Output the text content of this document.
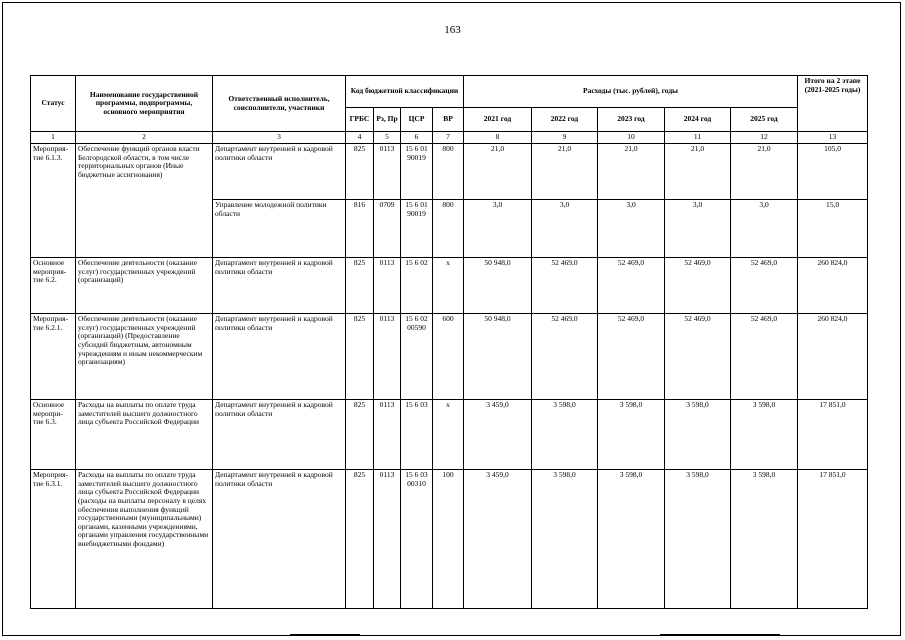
163
Статус	Наименование государственной программы, подпрограммы, основного мероприятия	Ответственный исполнитель, соисполнители, участники	Код бюджетной классификации				Расходы (тыс. рублей), годы					Итого на 2 этапе (2021-2025 годы)
			ГРБС	Рз, Пр	ЦСР	ВР	2021 год	2022 год	2023 год	2024 год	2025 год	
1	2	3	4	5	6	7	8	9	10	11	12	13
Мероприя-тие 6.1.3.	Обеспечение функций органов власти Белгородской области, в том числе территориальных органов (Иные бюджетные ассигнования)	Департамент внутренней и кадровой политики области	825	0113	15 6 01 90019	800	21,0	21,0	21,0	21,0	21,0	105,0
		Управление молодежной политики области	816	0709	15 6 01 90019	800	3,0	3,0	3,0	3,0	3,0	15,0
Основное мероприя-тие 6.2.	Обеспечение деятельности (оказание услуг) государственных учреждений (организаций)	Департамент внутренней и кадровой политики области	825	0113	15 6 02	х	50 948,0	52 469,0	52 469,0	52 469,0	52 469,0	260 824,0
Мероприя-тие 6.2.1.	Обеспечение деятельности (оказание услуг) государственных учреждений (организаций) (Предоставление субсидий бюджетным, автономным учреждениям и иным некоммерческим организациям)	Департамент внутренней и кадровой политики области	825	0113	15 6 02 00590	600	50 948,0	52 469,0	52 469,0	52 469,0	52 469,0	260 824,0
Основное меропри-тие 6.3.	Расходы на выплаты по оплате труда заместителей высшего должностного лица субъекта Российской Федерации	Департамент внутренней и кадровой политики области	825	0113	15 6 03	х	3 459,0	3 598,0	3 598,0	3 598,0	3 598,0	17 851,0
Мероприя-тие 6.3.1.	Расходы на выплаты по оплате труда заместителей высшего должностного лица субъекта Российской Федерации (расходы на выплаты персоналу в целях обеспечения выполнения функций государственными (муниципальными) органами, казенными учреждениями, органами управления государственными внебюджетными фондами)	Департамент внутренней и кадровой политики области	825	0113	15 6 03 00310	100	3 459,0	3 598,0	3 598,0	3 598,0	3 598,0	17 851,0
